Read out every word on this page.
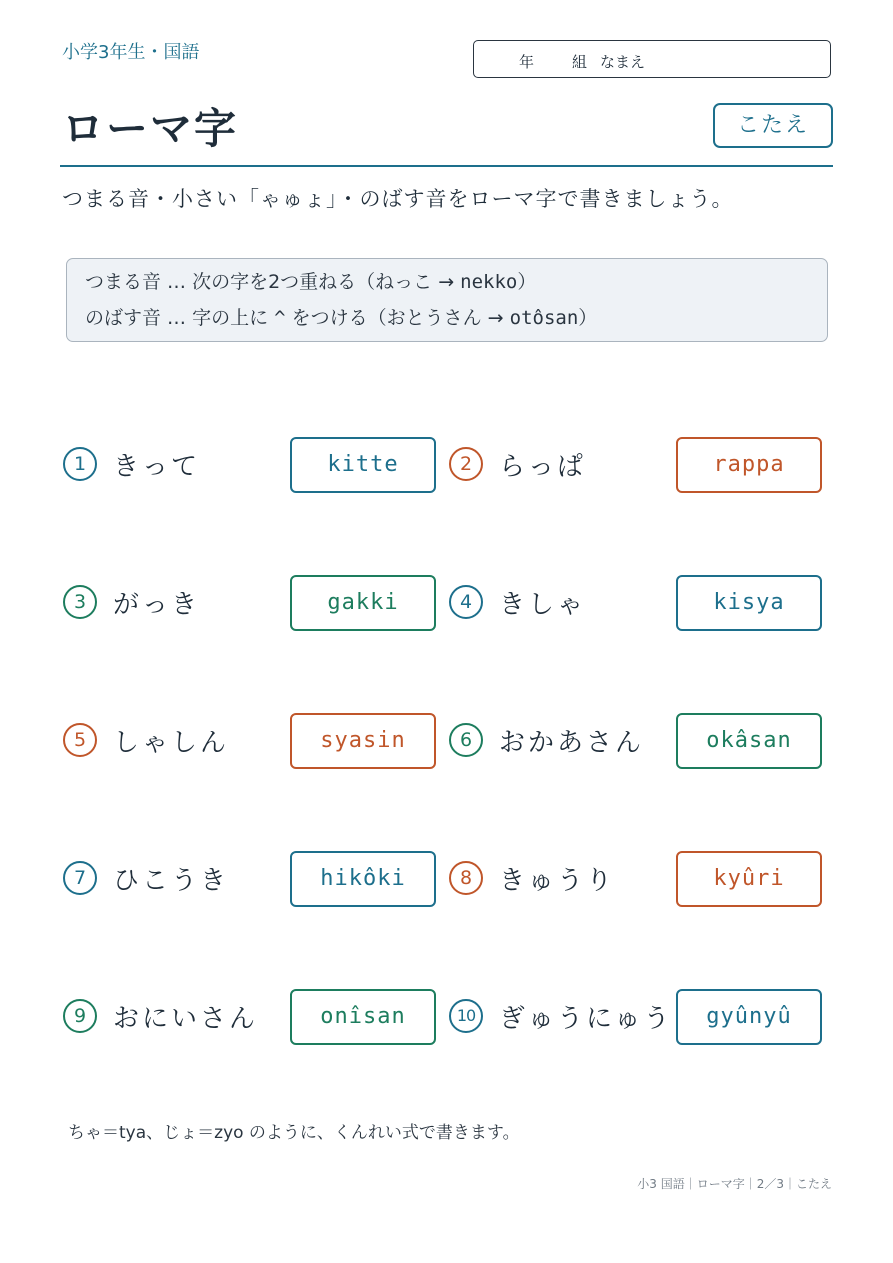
小学3年生・国語	年	組 なまえ
ローマ字	こたえ
つまる音・小さい「ゃゅょ」・のばす音をローマ字で書きましょう。
つまる音 … 次の字を2つ重ねる（ねっこ → nekko）
のばす音 … 字の上に ^ をつける（おとうさん → otôsan）
1	きって	kitte	2	らっぱ	rappa
3	がっき	gakki	4	きしゃ	kisya
5	しゃしん	syasin	6	おかあさん	okâsan
7	ひこうき	hikôki	8	きゅうり	kyûri
9	おにいさん	onîsan	10 ぎゅうにゅう	gyûnyû
ちゃ＝tya、じょ＝zyo のように、くんれい式で書きます。
小3 国語｜ローマ字｜2／3｜こたえ
